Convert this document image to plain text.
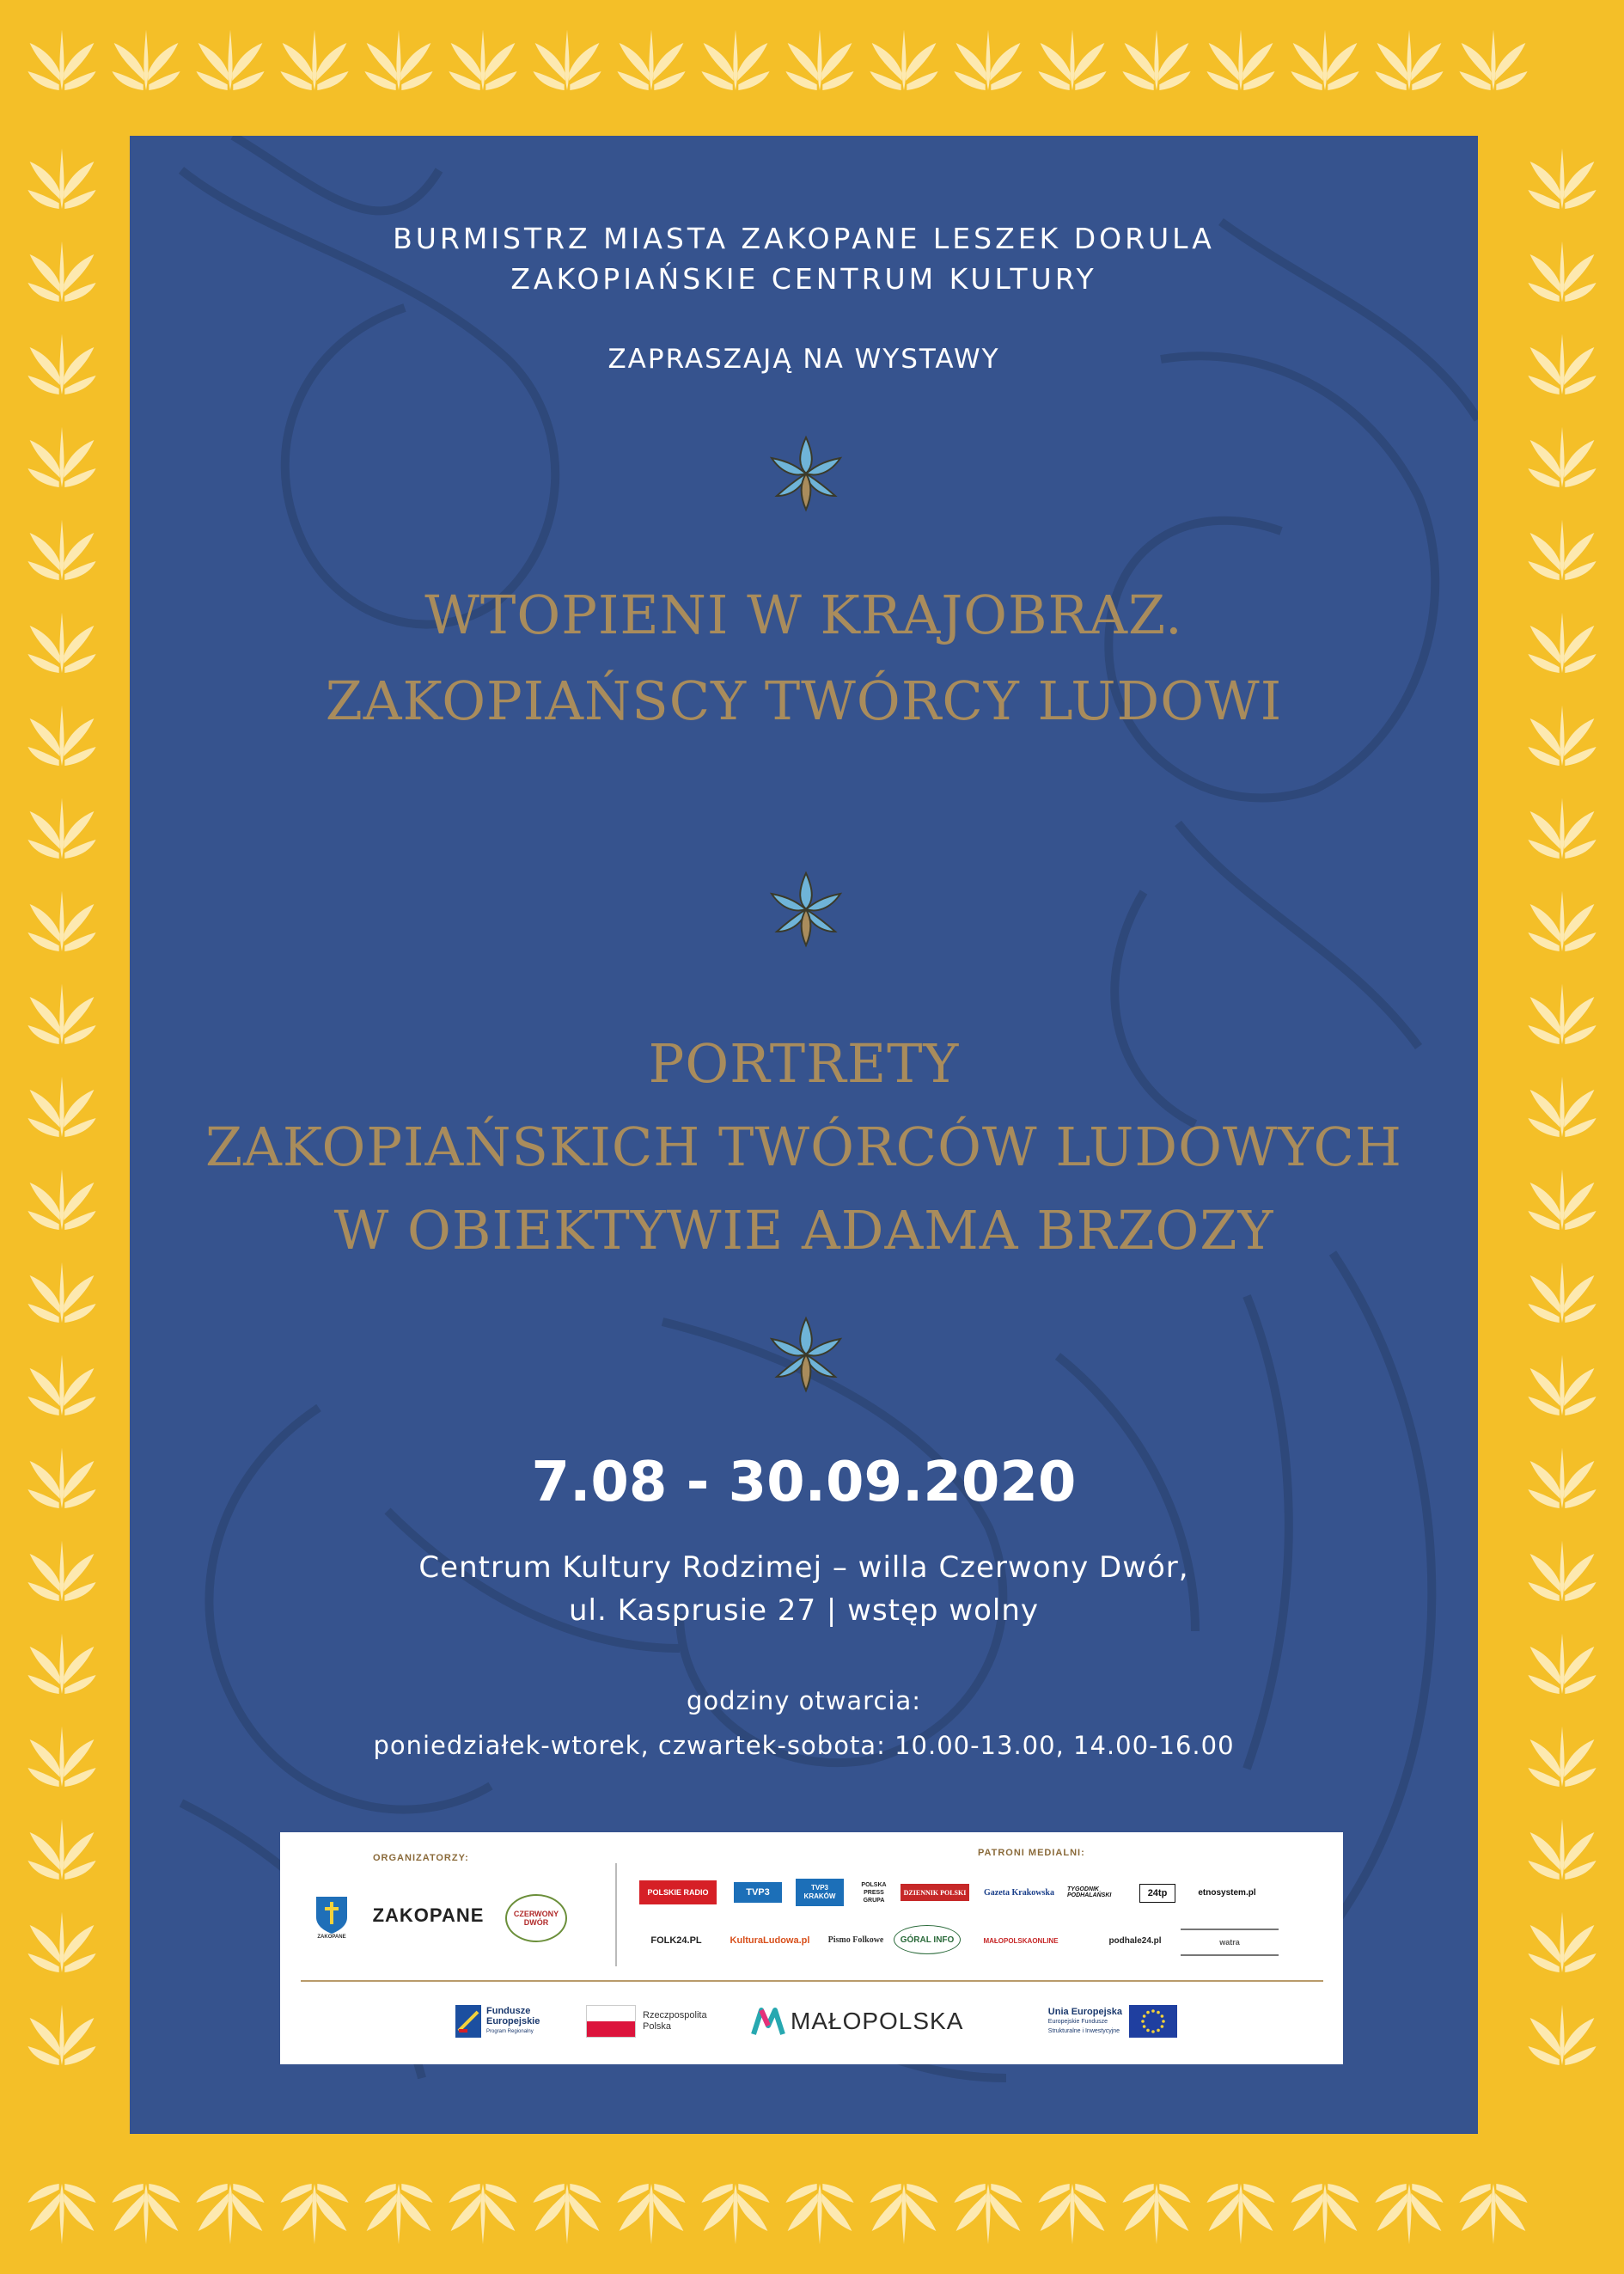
BURMISTRZ MIASTA ZAKOPANE LESZEK DORULA
ZAKOPIAŃSKIE CENTRUM KULTURY
ZAPRASZAJĄ NA WYSTAWY
WTOPIENI W KRAJOBRAZ.
ZAKOPIAŃSCY TWÓRCY LUDOWI
PORTRETY
ZAKOPIAŃSKICH TWÓRCÓW LUDOWYCH
W OBIEKTYWIE ADAMA BRZOZY
7.08 - 30.09.2020
Centrum Kultury Rodzimej – willa Czerwony Dwór,
ul. Kasprusie 27 | wstęp wolny
godziny otwarcia:
poniedziałek-wtorek, czwartek-sobota: 10.00-13.00, 14.00-16.00
ORGANIZATORZY:	PATRONI MEDIALNI:
ZAKOPANE
ZAKOPANE	CZERWONY DWÓR
POLSKIE RADIO	TVP3	TVP3 KRAKÓW
POLSKA PRESS GRUPA
DZIENNIK POLSKI	Gazeta Krakowska	TYGODNIK PODHALAŃSKI	24tp	etnosystem.pl
FOLK24.PL	KulturaLudowa.pl	Pismo Folkowe	GÓRAL INFO	MAŁOPOLSKAONLINE	podhale24.pl	watra
Fundusze
Europejskie
Program Regionalny
Rzeczpospolita
Polska	MAŁOPOLSKA	Unia Europejska
Europejskie Fundusze
Strukturalne i Inwestycyjne
